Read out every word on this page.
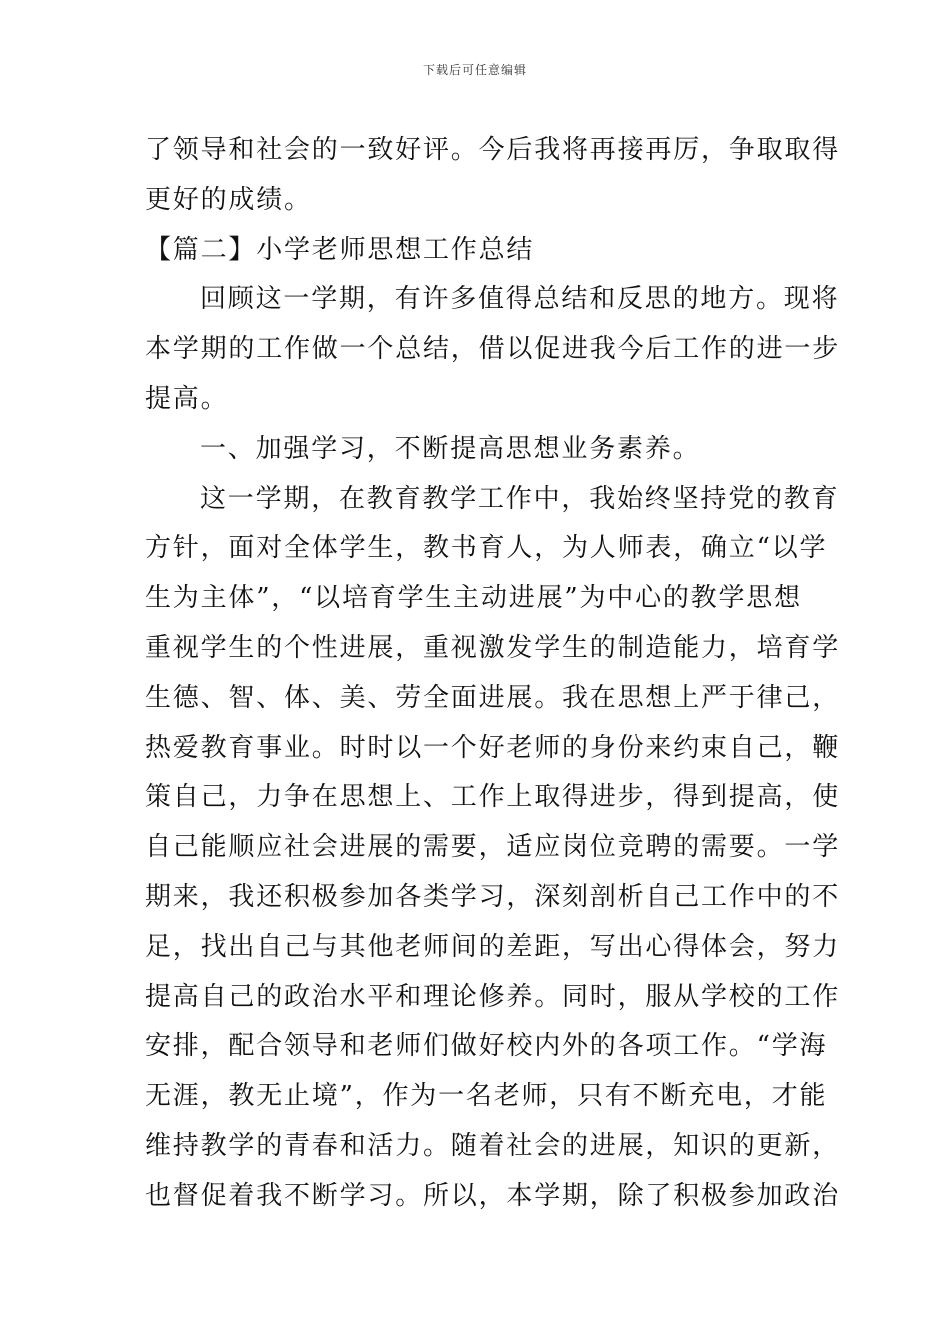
下载后可任意编辑
了领导和社会的一致好评。今后我将再接再厉，争取取得
更好的成绩。
【篇二】小学老师思想工作总结
回顾这一学期，有许多值得总结和反思的地方。现将
本学期的工作做一个总结，借以促进我今后工作的进一步
提高。
一、加强学习，不断提高思想业务素养。
这一学期，在教育教学工作中，我始终坚持党的教育
方针，面对全体学生，教书育人，为人师表，确立“以学
生为主体”，“以培育学生主动进展”为中心的教学思想
重视学生的个性进展，重视激发学生的制造能力，培育学
生德、智、体、美、劳全面进展。我在思想上严于律己，
热爱教育事业。时时以一个好老师的身份来约束自己，鞭
策自己，力争在思想上、工作上取得进步，得到提高，使
自己能顺应社会进展的需要，适应岗位竞聘的需要。一学
期来，我还积极参加各类学习，深刻剖析自己工作中的不
足，找出自己与其他老师间的差距，写出心得体会，努力
提高自己的政治水平和理论修养。同时，服从学校的工作
安排，配合领导和老师们做好校内外的各项工作。“学海
无涯，教无止境”，作为一名老师，只有不断充电，才能
维持教学的青春和活力。随着社会的进展，知识的更新，
也督促着我不断学习。所以，本学期，除了积极参加政治
